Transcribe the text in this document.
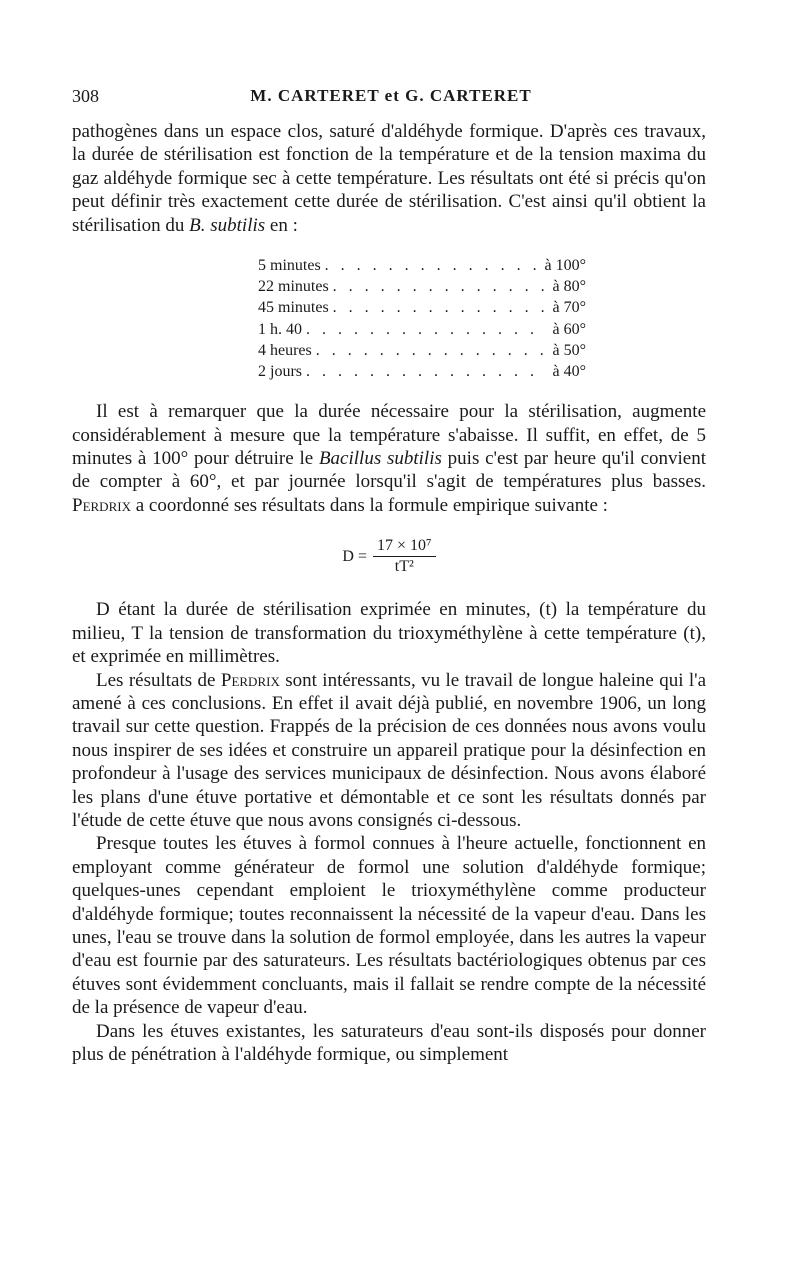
308	M. CARTERET et G. CARTERET

pathogènes dans un espace clos, saturé d'aldéhyde formique. D'après ces travaux, la durée de stérilisation est fonction de la température et de la tension maxima du gaz aldéhyde formique sec à cette température. Les résultats ont été si précis qu'on peut définir très exactement cette durée de stérilisation. C'est ainsi qu'il obtient la stérilisation du B. subtilis en :

5 minutes . . .	à 100°
22 minutes . . .	à 80°
45 minutes . . .	à 70°
1 h. 40 . . .	à 60°
4 heures . . .	à 50°
2 jours . . .	à 40°

Il est à remarquer que la durée nécessaire pour la stérilisation, augmente considérablement à mesure que la température s'abaisse. Il suffit, en effet, de 5 minutes à 100° pour détruire le Bacillus subtilis puis c'est par heure qu'il convient de compter à 60°, et par journée lorsqu'il s'agit de températures plus basses. Perdrix a coordonné ses résultats dans la formule empirique suivante :

$D = \frac{\text{17 × 10⁷}}{\text{tT²}}$

D étant la durée de stérilisation exprimée en minutes, (t) la température du milieu, T la tension de transformation du trioxyméthylène à cette température (t), et exprimée en millimètres.

Les résultats de Perdrix sont intéressants, vu le travail de longue haleine qui l'a amené à ces conclusions. En effet il avait déjà publié, en novembre 1906, un long travail sur cette question. Frappés de la précision de ces données nous avons voulu nous inspirer de ses idées et construire un appareil pratique pour la désinfection en profondeur à l'usage des services municipaux de désinfection. Nous avons élaboré les plans d'une étuve portative et démontable et ce sont les résultats donnés par l'étude de cette étuve que nous avons consignés ci-dessous.

Presque toutes les étuves à formol connues à l'heure actuelle, fonctionnent en employant comme générateur de formol une solution d'aldéhyde formique; quelques-unes cependant emploient le trioxyméthylène comme producteur d'aldéhyde formique; toutes reconnaissent la nécessité de la vapeur d'eau. Dans les unes, l'eau se trouve dans la solution de formol employée, dans les autres la vapeur d'eau est fournie par des saturateurs. Les résultats bactériologiques obtenus par ces étuves sont évidemment concluants, mais il fallait se rendre compte de la nécessité de la présence de vapeur d'eau.

Dans les étuves existantes, les saturateurs d'eau sont-ils disposés pour donner plus de pénétration à l'aldéhyde formique, ou simplement
